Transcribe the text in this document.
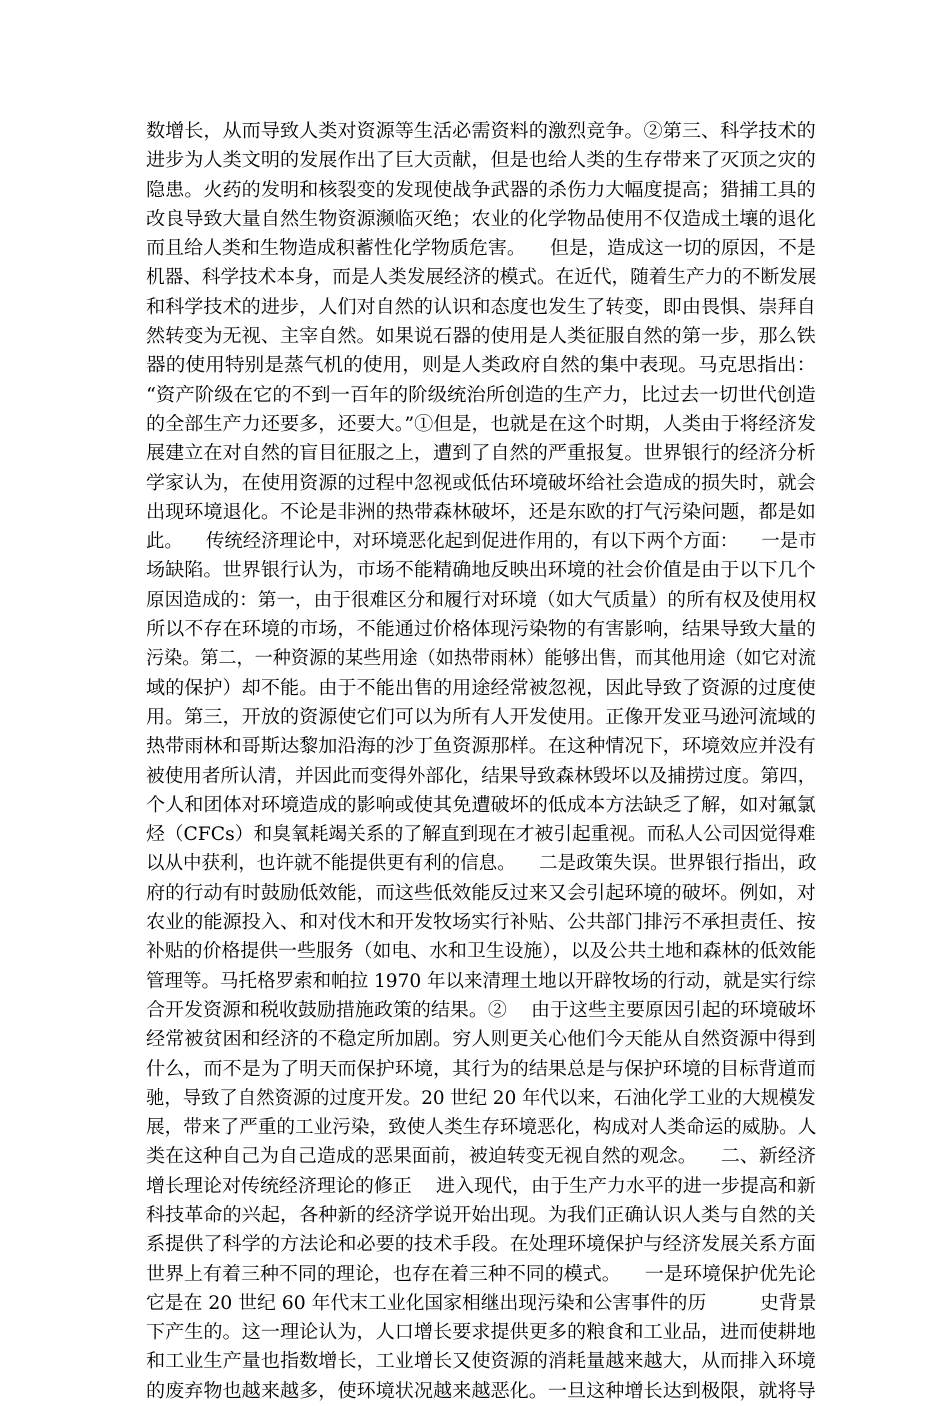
数增长，从而导致人类对资源等生活必需资料的激烈竞争。②第三、科学技术的
进步为人类文明的发展作出了巨大贡献，但是也给人类的生存带来了灭顶之灾的
隐患。火药的发明和核裂变的发现使战争武器的杀伤力大幅度提高；猎捕工具的
改良导致大量自然生物资源濒临灭绝；农业的化学物品使用不仅造成土壤的退化
而且给人类和生物造成积蓄性化学物质危害。    但是，造成这一切的原因，不是
机器、科学技术本身，而是人类发展经济的模式。在近代，随着生产力的不断发展
和科学技术的进步，人们对自然的认识和态度也发生了转变，即由畏惧、崇拜自
然转变为无视、主宰自然。如果说石器的使用是人类征服自然的第一步，那么铁
器的使用特别是蒸气机的使用，则是人类政府自然的集中表现。马克思指出：
“资产阶级在它的不到一百年的阶级统治所创造的生产力，比过去一切世代创造
的全部生产力还要多，还要大。”①但是，也就是在这个时期，人类由于将经济发
展建立在对自然的盲目征服之上，遭到了自然的严重报复。世界银行的经济分析
学家认为，在使用资源的过程中忽视或低估环境破坏给社会造成的损失时，就会
出现环境退化。不论是非洲的热带森林破坏，还是东欧的打气污染问题，都是如
此。    传统经济理论中，对环境恶化起到促进作用的，有以下两个方面：    一是市
场缺陷。世界银行认为，市场不能精确地反映出环境的社会价值是由于以下几个
原因造成的：第一，由于很难区分和履行对环境（如大气质量）的所有权及使用权
所以不存在环境的市场，不能通过价格体现污染物的有害影响，结果导致大量的
污染。第二，一种资源的某些用途（如热带雨林）能够出售，而其他用途（如它对流
域的保护）却不能。由于不能出售的用途经常被忽视，因此导致了资源的过度使
用。第三，开放的资源使它们可以为所有人开发使用。正像开发亚马逊河流域的
热带雨林和哥斯达黎加沿海的沙丁鱼资源那样。在这种情况下，环境效应并没有
被使用者所认清，并因此而变得外部化，结果导致森林毁坏以及捕捞过度。第四，
个人和团体对环境造成的影响或使其免遭破坏的低成本方法缺乏了解，如对氟氯
烃（CFCs）和臭氧耗竭关系的了解直到现在才被引起重视。而私人公司因觉得难
以从中获利，也许就不能提供更有利的信息。    二是政策失误。世界银行指出，政
府的行动有时鼓励低效能，而这些低效能反过来又会引起环境的破坏。例如，对
农业的能源投入、和对伐木和开发牧场实行补贴、公共部门排污不承担责任、按
补贴的价格提供一些服务（如电、水和卫生设施），以及公共土地和森林的低效能
管理等。马托格罗索和帕拉 1970 年以来清理土地以开辟牧场的行动，就是实行综
合开发资源和税收鼓励措施政策的结果。②    由于这些主要原因引起的环境破坏
经常被贫困和经济的不稳定所加剧。穷人则更关心他们今天能从自然资源中得到
什么，而不是为了明天而保护环境，其行为的结果总是与保护环境的目标背道而
驰，导致了自然资源的过度开发。20 世纪 20 年代以来，石油化学工业的大规模发
展，带来了严重的工业污染，致使人类生存环境恶化，构成对人类命运的威胁。人
类在这种自己为自己造成的恶果面前，被迫转变无视自然的观念。    二、新经济
增长理论对传统经济理论的修正    进入现代，由于生产力水平的进一步提高和新
科技革命的兴起，各种新的经济学说开始出现。为我们正确认识人类与自然的关
系提供了科学的方法论和必要的技术手段。在处理环境保护与经济发展关系方面
世界上有着三种不同的理论，也存在着三种不同的模式。    一是环境保护优先论
它是在 20 世纪 60 年代末工业化国家相继出现污染和公害事件的历         史背景
下产生的。这一理论认为，人口增长要求提供更多的粮食和工业品，进而使耕地
和工业生产量也指数增长，工业增长又使资源的消耗量越来越大，从而排入环境
的废弃物也越来越多，使环境状况越来越恶化。一旦这种增长达到极限，就将导
